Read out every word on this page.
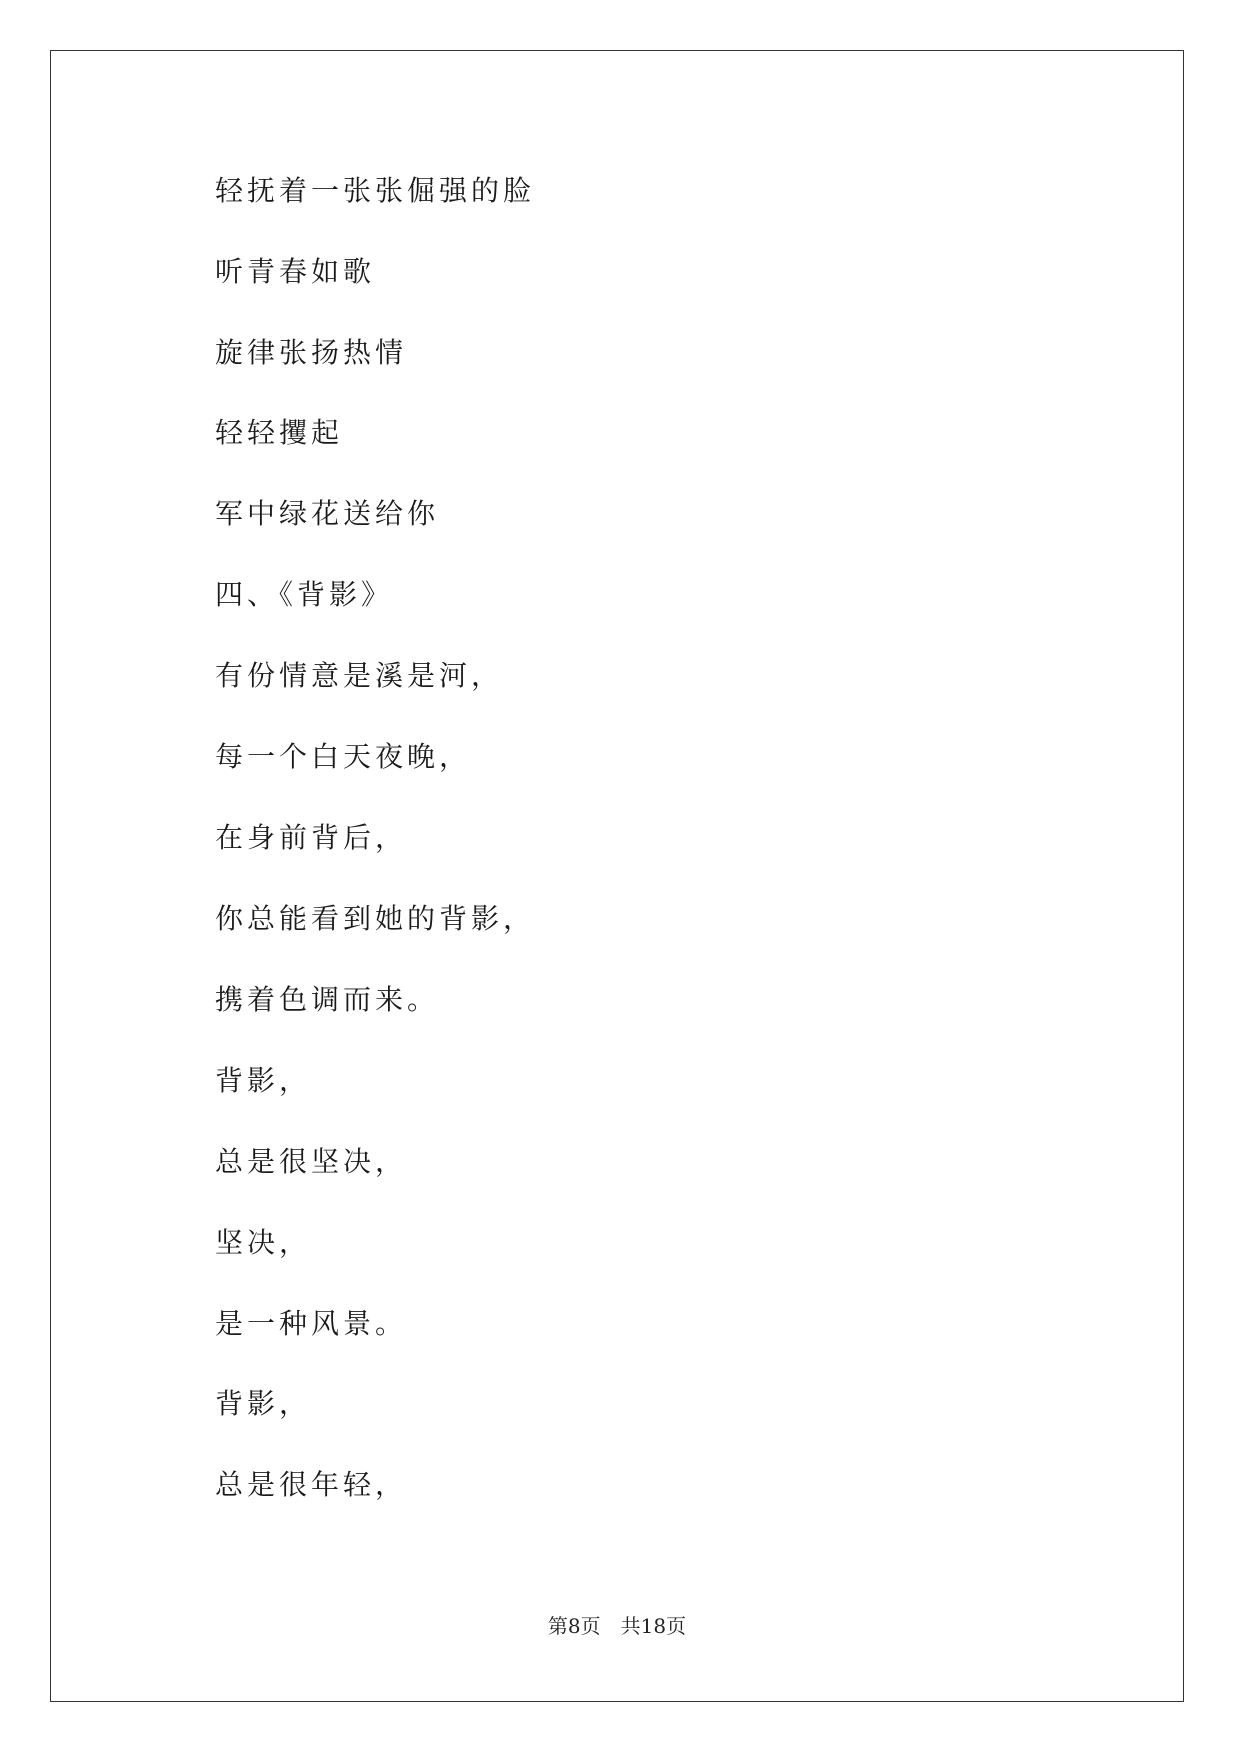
轻抚着一张张倔强的脸
听青春如歌
旋律张扬热情
轻轻攫起
军中绿花送给你
四、《背影》
有份情意是溪是河，
每一个白天夜晚，
在身前背后，
你总能看到她的背影，
携着色调而来。
背影，
总是很坚决，
坚决，
是一种风景。
背影，
总是很年轻，
第8页 共18页
